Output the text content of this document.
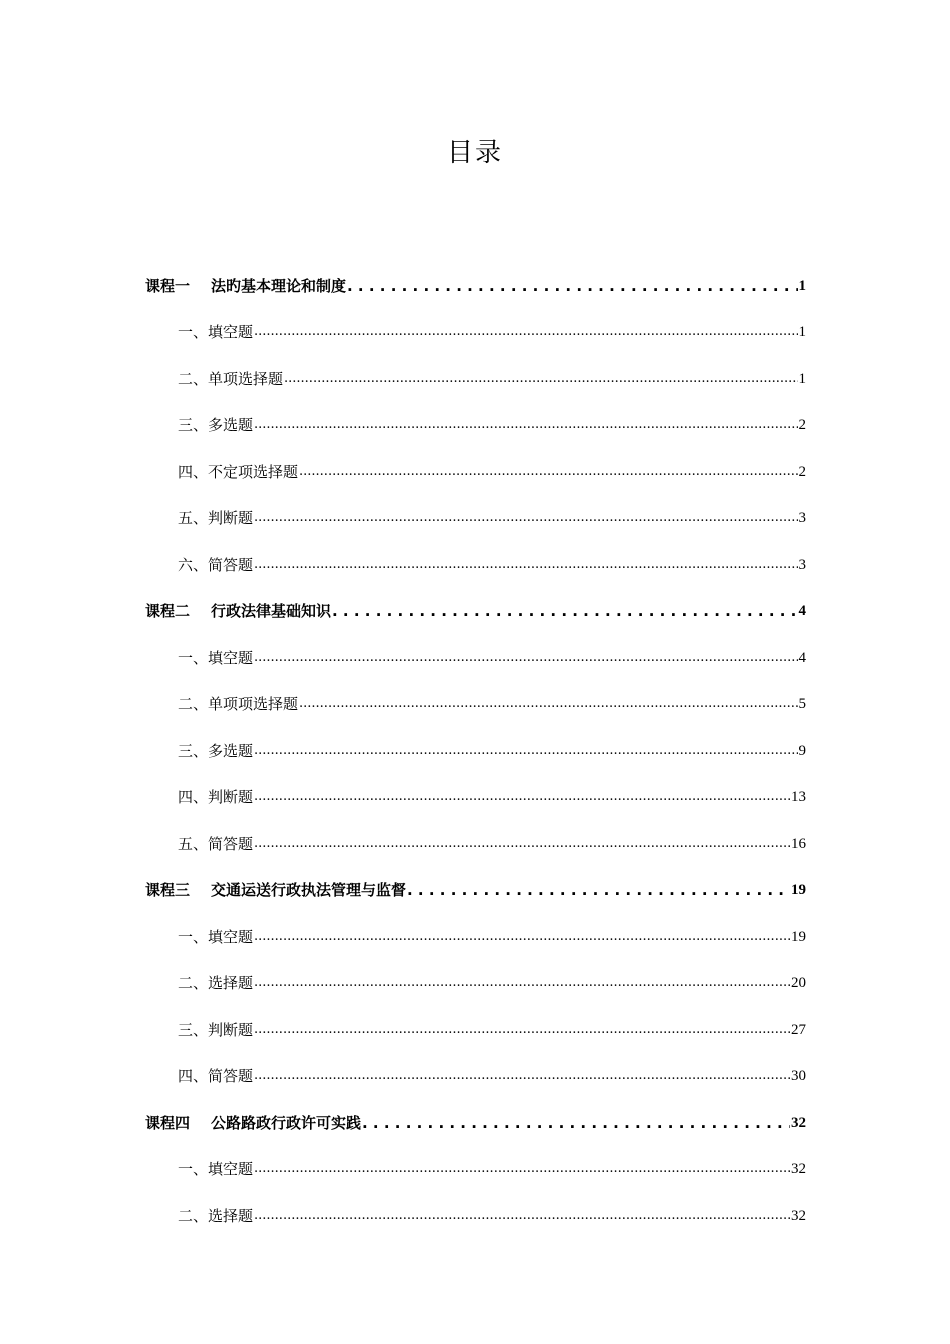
目录
课程一 法旳基本理论和制度 . . .	1
一、填空题 .....	1
二、单项选择题 .....	1
三、多选题 .....	2
四、不定项选择题 .....	2
五、判断题 .....	3
六、简答题 .....	3
课程二 行政法律基础知识 . . .	4
一、填空题 .....	4
二、单项项选择题 .....	5
三、多选题 .....	9
四、判断题 .....	13
五、简答题 .....	16
课程三 交通运送行政执法管理与监督 . . .	19
一、填空题 .....	19
二、选择题 .....	20
三、判断题 .....	27
四、简答题 .....	30
课程四 公路路政行政许可实践 . . .	32
一、填空题 .....	32
二、选择题 .....	32
